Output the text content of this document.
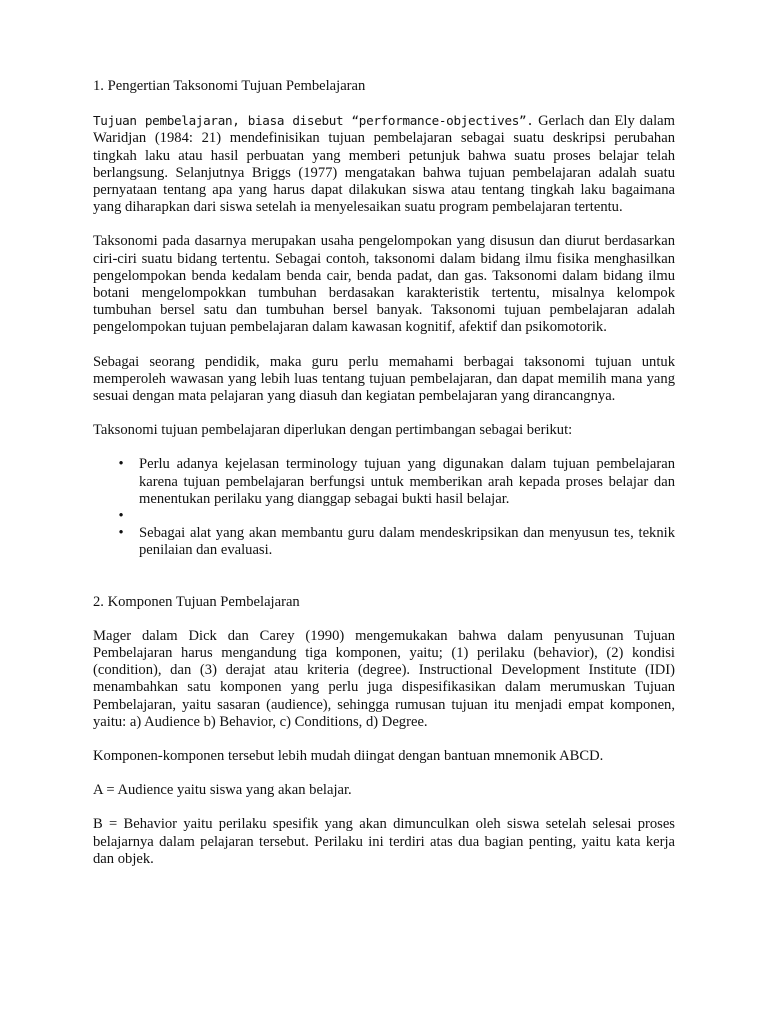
1. Pengertian Taksonomi Tujuan Pembelajaran

Tujuan pembelajaran, biasa disebut “performance-objectives”. Gerlach dan Ely dalam Waridjan (1984: 21) mendefinisikan tujuan pembelajaran sebagai suatu deskripsi perubahan tingkah laku atau hasil perbuatan yang memberi petunjuk bahwa suatu proses belajar telah berlangsung. Selanjutnya Briggs (1977) mengatakan bahwa tujuan pembelajaran adalah suatu pernyataan tentang apa yang harus dapat dilakukan siswa atau tentang tingkah laku bagaimana yang diharapkan dari siswa setelah ia menyelesaikan suatu program pembelajaran tertentu.

Taksonomi pada dasarnya merupakan usaha pengelompokan yang disusun dan diurut berdasarkan ciri-ciri suatu bidang tertentu. Sebagai contoh, taksonomi dalam bidang ilmu fisika menghasilkan pengelompokan benda kedalam benda cair, benda padat, dan gas. Taksonomi dalam bidang ilmu botani mengelompokkan tumbuhan berdasakan karakteristik tertentu, misalnya kelompok tumbuhan bersel satu dan tumbuhan bersel banyak. Taksonomi tujuan pembelajaran adalah pengelompokan tujuan pembelajaran dalam kawasan kognitif, afektif dan psikomotorik.

Sebagai seorang pendidik, maka guru perlu memahami berbagai taksonomi tujuan untuk memperoleh wawasan yang lebih luas tentang tujuan pembelajaran, dan dapat memilih mana yang sesuai dengan mata pelajaran yang diasuh dan kegiatan pembelajaran yang dirancangnya.

Taksonomi tujuan pembelajaran diperlukan dengan pertimbangan sebagai berikut:

• Perlu adanya kejelasan terminology tujuan yang digunakan dalam tujuan pembelajaran karena tujuan pembelajaran berfungsi untuk memberikan arah kepada proses belajar dan menentukan perilaku yang dianggap sebagai bukti hasil belajar.
•
• Sebagai alat yang akan membantu guru dalam mendeskripsikan dan menyusun tes, teknik penilaian dan evaluasi.

2. Komponen Tujuan Pembelajaran

Mager dalam Dick dan Carey (1990) mengemukakan bahwa dalam penyusunan Tujuan Pembelajaran harus mengandung tiga komponen, yaitu; (1) perilaku (behavior), (2) kondisi (condition), dan (3) derajat atau kriteria (degree). Instructional Development Institute (IDI) menambahkan satu komponen yang perlu juga dispesifikasikan dalam merumuskan Tujuan Pembelajaran, yaitu sasaran (audience), sehingga rumusan tujuan itu menjadi empat komponen, yaitu: a) Audience b) Behavior, c) Conditions, d) Degree.

Komponen-komponen tersebut lebih mudah diingat dengan bantuan mnemonik ABCD.

A = Audience yaitu siswa yang akan belajar.

B = Behavior yaitu perilaku spesifik yang akan dimunculkan oleh siswa setelah selesai proses belajarnya dalam pelajaran tersebut. Perilaku ini terdiri atas dua bagian penting, yaitu kata kerja dan objek.
